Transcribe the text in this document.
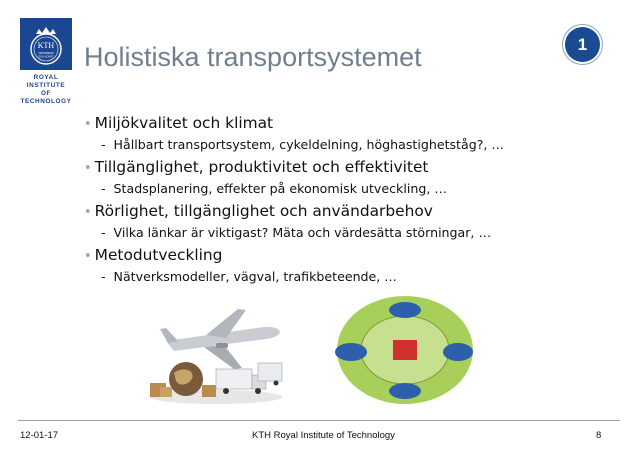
KTH
VETENSKAP
OCH KONST
ROYAL INSTITUTE
OF TECHNOLOGY
Holistiska transportsystemet	1
• Miljökvalitet och klimat
- Hållbart transportsystem, cykeldelning, höghastighetståg?, …
• Tillgänglighet, produktivitet och effektivitet
- Stadsplanering, effekter på ekonomisk utveckling, …
• Rörlighet, tillgänglighet och användarbehov
- Vilka länkar är viktigast? Mäta och värdesätta störningar, …
• Metodutveckling
- Nätverksmodeller, vägval, trafikbeteende, …
12-01-17	KTH Royal Institute of Technology	8
